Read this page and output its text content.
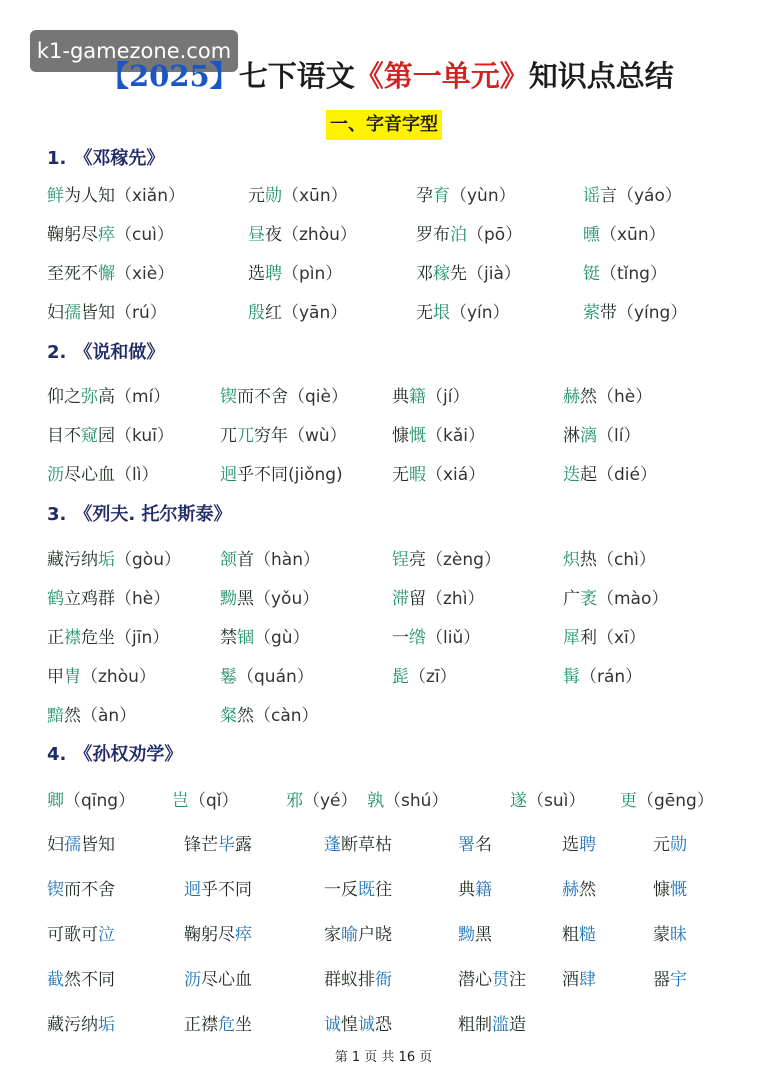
k1-gamezone.com
【2025】七下语文《第一单元》知识点总结
一、字音字型
1. 《邓稼先》
2. 《说和做》
3. 《列夫. 托尔斯泰》
4. 《孙权劝学》
鲜为人知（xiǎn）	元勋（xūn）	孕育（yùn）	谣言（yáo）
鞠躬尽瘁（cuì）	昼夜（zhòu）	罗布泊（pō）	曛（xūn）
至死不懈（xiè）	选聘（pìn）	邓稼先（jià）	铤（tǐng）
妇孺皆知（rú）	殷红（yān）	无垠（yín）	萦带（yíng）
仰之弥高（mí）	锲而不舍（qiè）	典籍（jí）	赫然（hè）
目不窥园（kuī）	兀兀穷年（wù）	慷慨（kǎi）	淋漓（lí）
沥尽心血（lì）	迥乎不同(jiǒng)	无暇（xiá）	迭起（dié）
藏污纳垢（gòu） 颔首（hàn）	锃亮（zèng）	炽热（chì）
鹤立鸡群（hè）	黝黑（yǒu）	滞留（zhì）	广袤（mào）
正襟危坐（jīn）	禁锢（gù）	一绺（liǔ）	犀利（xī）
甲胄（zhòu）	鬈（quán）	髭（zī）	髯（rán）
黯然（àn）	粲然（càn）
卿（qīng） 岂（qǐ）	邪（yé） 孰（shú）	遂（suì） 更（gēng）
妇孺皆知	锋芒毕露	蓬断草枯	署名	选聘	元勋
锲而不舍	迥乎不同	一反既往	典籍	赫然	慷慨
可歌可泣	鞠躬尽瘁	家喻户晓	黝黑	粗糙	蒙昧
截然不同	沥尽心血	群蚁排衙	潜心贯注 酒肆	器宇
藏污纳垢	正襟危坐	诚惶诚恐	粗制滥造
第 1 页 共 16 页
